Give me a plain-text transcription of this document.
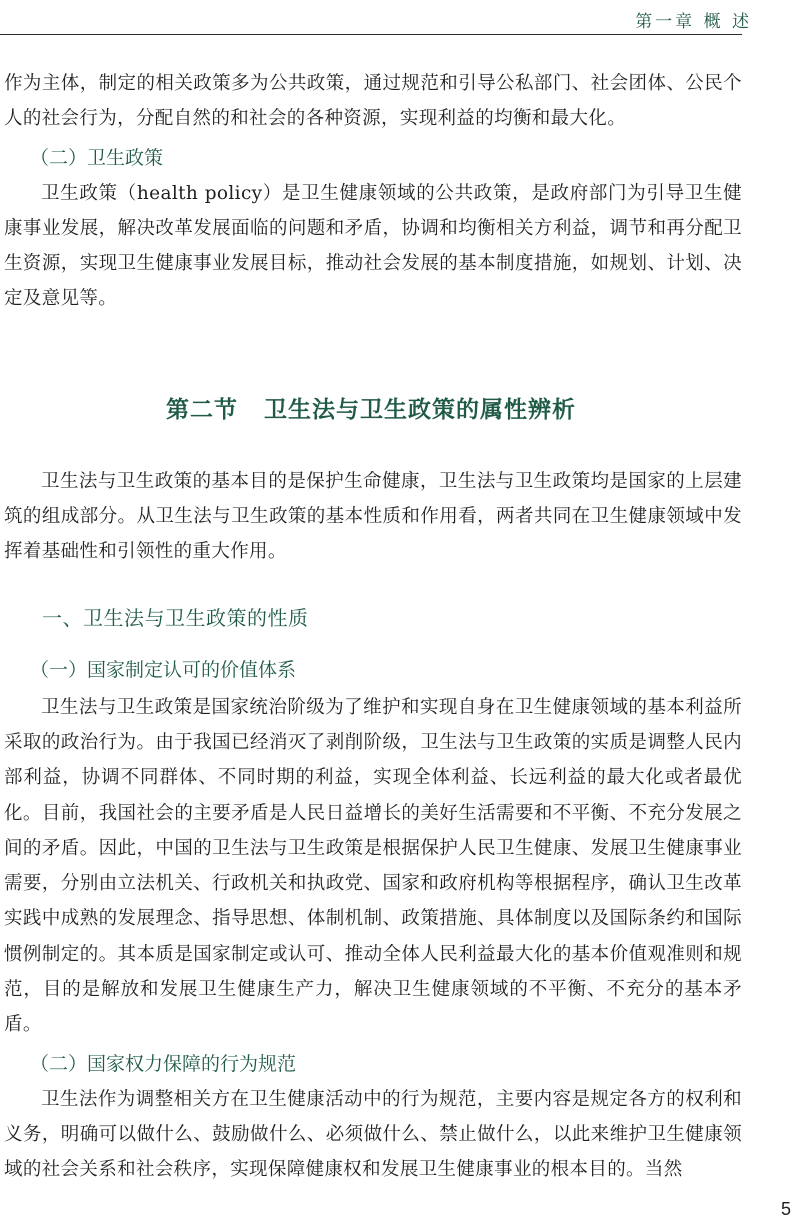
第一章 概 述

作为主体，制定的相关政策多为公共政策，通过规范和引导公私部门、社会团体、公民个人的社会行为，分配自然的和社会的各种资源，实现利益的均衡和最大化。

（二）卫生政策

卫生政策（health policy）是卫生健康领域的公共政策，是政府部门为引导卫生健康事业发展，解决改革发展面临的问题和矛盾，协调和均衡相关方利益，调节和再分配卫生资源，实现卫生健康事业发展目标，推动社会发展的基本制度措施，如规划、计划、决定及意见等。

第二节 卫生法与卫生政策的属性辨析

卫生法与卫生政策的基本目的是保护生命健康，卫生法与卫生政策均是国家的上层建筑的组成部分。从卫生法与卫生政策的基本性质和作用看，两者共同在卫生健康领域中发挥着基础性和引领性的重大作用。

一、卫生法与卫生政策的性质
（一）国家制定认可的价值体系

卫生法与卫生政策是国家统治阶级为了维护和实现自身在卫生健康领域的基本利益所采取的政治行为。由于我国已经消灭了剥削阶级，卫生法与卫生政策的实质是调整人民内部利益，协调不同群体、不同时期的利益，实现全体利益、长远利益的最大化或者最优化。目前，我国社会的主要矛盾是人民日益增长的美好生活需要和不平衡、不充分发展之间的矛盾。因此，中国的卫生法与卫生政策是根据保护人民卫生健康、发展卫生健康事业需要，分别由立法机关、行政机关和执政党、国家和政府机构等根据程序，确认卫生改革实践中成熟的发展理念、指导思想、体制机制、政策措施、具体制度以及国际条约和国际惯例制定的。其本质是国家制定或认可、推动全体人民利益最大化的基本价值观准则和规范，目的是解放和发展卫生健康生产力，解决卫生健康领域的不平衡、不充分的基本矛盾。

（二）国家权力保障的行为规范

卫生法作为调整相关方在卫生健康活动中的行为规范，主要内容是规定各方的权利和义务，明确可以做什么、鼓励做什么、必须做什么、禁止做什么，以此来维护卫生健康领域的社会关系和社会秩序，实现保障健康权和发展卫生健康事业的根本目的。当然

5
